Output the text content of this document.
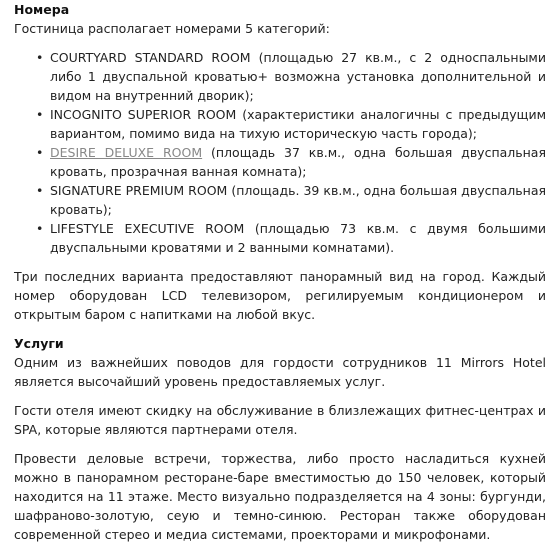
Номера

Гостиница располагает номерами 5 категорий:

• COURTYARD STANDARD ROOM (площадью 27 кв.м., с 2 односпальными либо 1 двуспальной кроватью+ возможна установка дополнительной и видом на внутренний дворик);
• INCOGNITO SUPERIOR ROOM (характеристики аналогичны с предыдущим вариантом, помимо вида на тихую историческую часть города);
• DESIRE DELUXE ROOM (площадь 37 кв.м., одна большая двуспальная кровать, прозрачная ванная комната);
• SIGNATURE PREMIUM ROOM (площадь. 39 кв.м., одна большая двуспальная кровать);
• LIFESTYLE EXECUTIVE ROOM (площадью 73 кв.м. с двумя большими двуспальными кроватями и 2 ванными комнатами).

Три последних варианта предоставляют панорамный вид на город. Каждый номер оборудован LCD телевизором, регилируемым кондиционером и открытым баром с напитками на любой вкус.

Услуги

Одним из важнейших поводов для гордости сотрудников 11 Mirrors Hotel является высочайший уровень предоставляемых услуг.

Гости отеля имеют скидку на обслуживание в близлежащих фитнес-центрах и SPA, которые являются партнерами отеля.

Провести деловые встречи, торжества, либо просто насладиться кухней можно в панорамном ресторане-баре вместимостью до 150 человек, который находится на 11 этаже. Место визуально подразделяется на 4 зоны: бургунди, шафраново-золотую, сеую и темно-синюю. Ресторан также оборудован современной стерео и медиа системами, проекторами и микрофонами.
